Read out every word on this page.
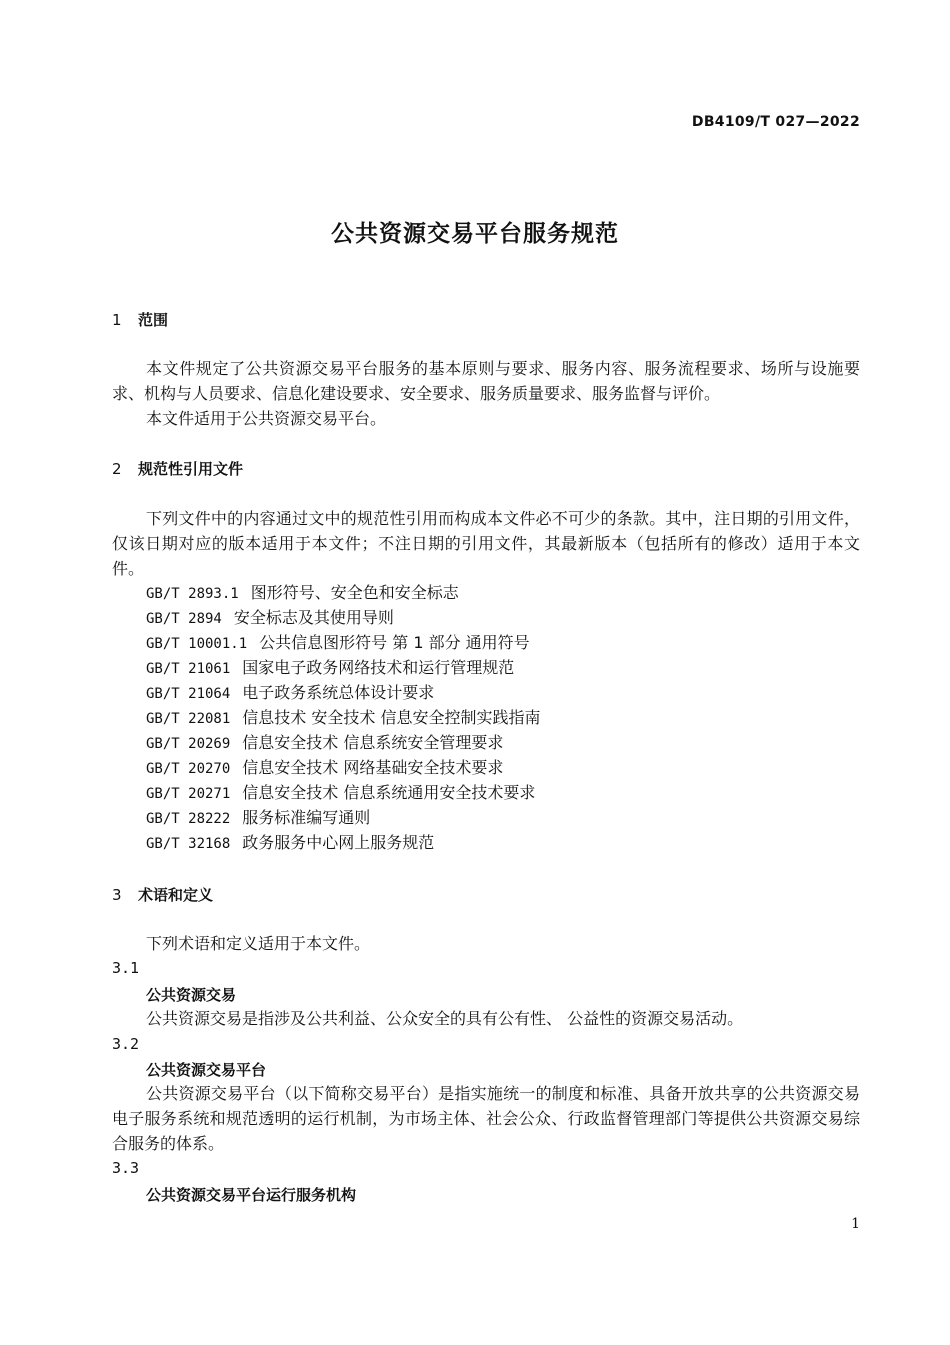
DB4109/T 027—2022
公共资源交易平台服务规范
1 范围
本文件规定了公共资源交易平台服务的基本原则与要求、服务内容、服务流程要求、场所与设施要求、机构与人员要求、信息化建设要求、安全要求、服务质量要求、服务监督与评价。
本文件适用于公共资源交易平台。
2 规范性引用文件
下列文件中的内容通过文中的规范性引用而构成本文件必不可少的条款。其中，注日期的引用文件，仅该日期对应的版本适用于本文件；不注日期的引用文件，其最新版本（包括所有的修改）适用于本文件。
GB/T 2893.1 图形符号、安全色和安全标志
GB/T 2894 安全标志及其使用导则
GB/T 10001.1 公共信息图形符号 第 1 部分 通用符号
GB/T 21061 国家电子政务网络技术和运行管理规范
GB/T 21064 电子政务系统总体设计要求
GB/T 22081 信息技术 安全技术 信息安全控制实践指南
GB/T 20269 信息安全技术 信息系统安全管理要求
GB/T 20270 信息安全技术 网络基础安全技术要求
GB/T 20271 信息安全技术 信息系统通用安全技术要求
GB/T 28222 服务标准编写通则
GB/T 32168 政务服务中心网上服务规范
3 术语和定义
下列术语和定义适用于本文件。
3.1
公共资源交易
公共资源交易是指涉及公共利益、公众安全的具有公有性、 公益性的资源交易活动。
3.2
公共资源交易平台
公共资源交易平台（以下简称交易平台）是指实施统一的制度和标准、具备开放共享的公共资源交易电子服务系统和规范透明的运行机制，为市场主体、社会公众、行政监督管理部门等提供公共资源交易综合服务的体系。
3.3
公共资源交易平台运行服务机构
1
